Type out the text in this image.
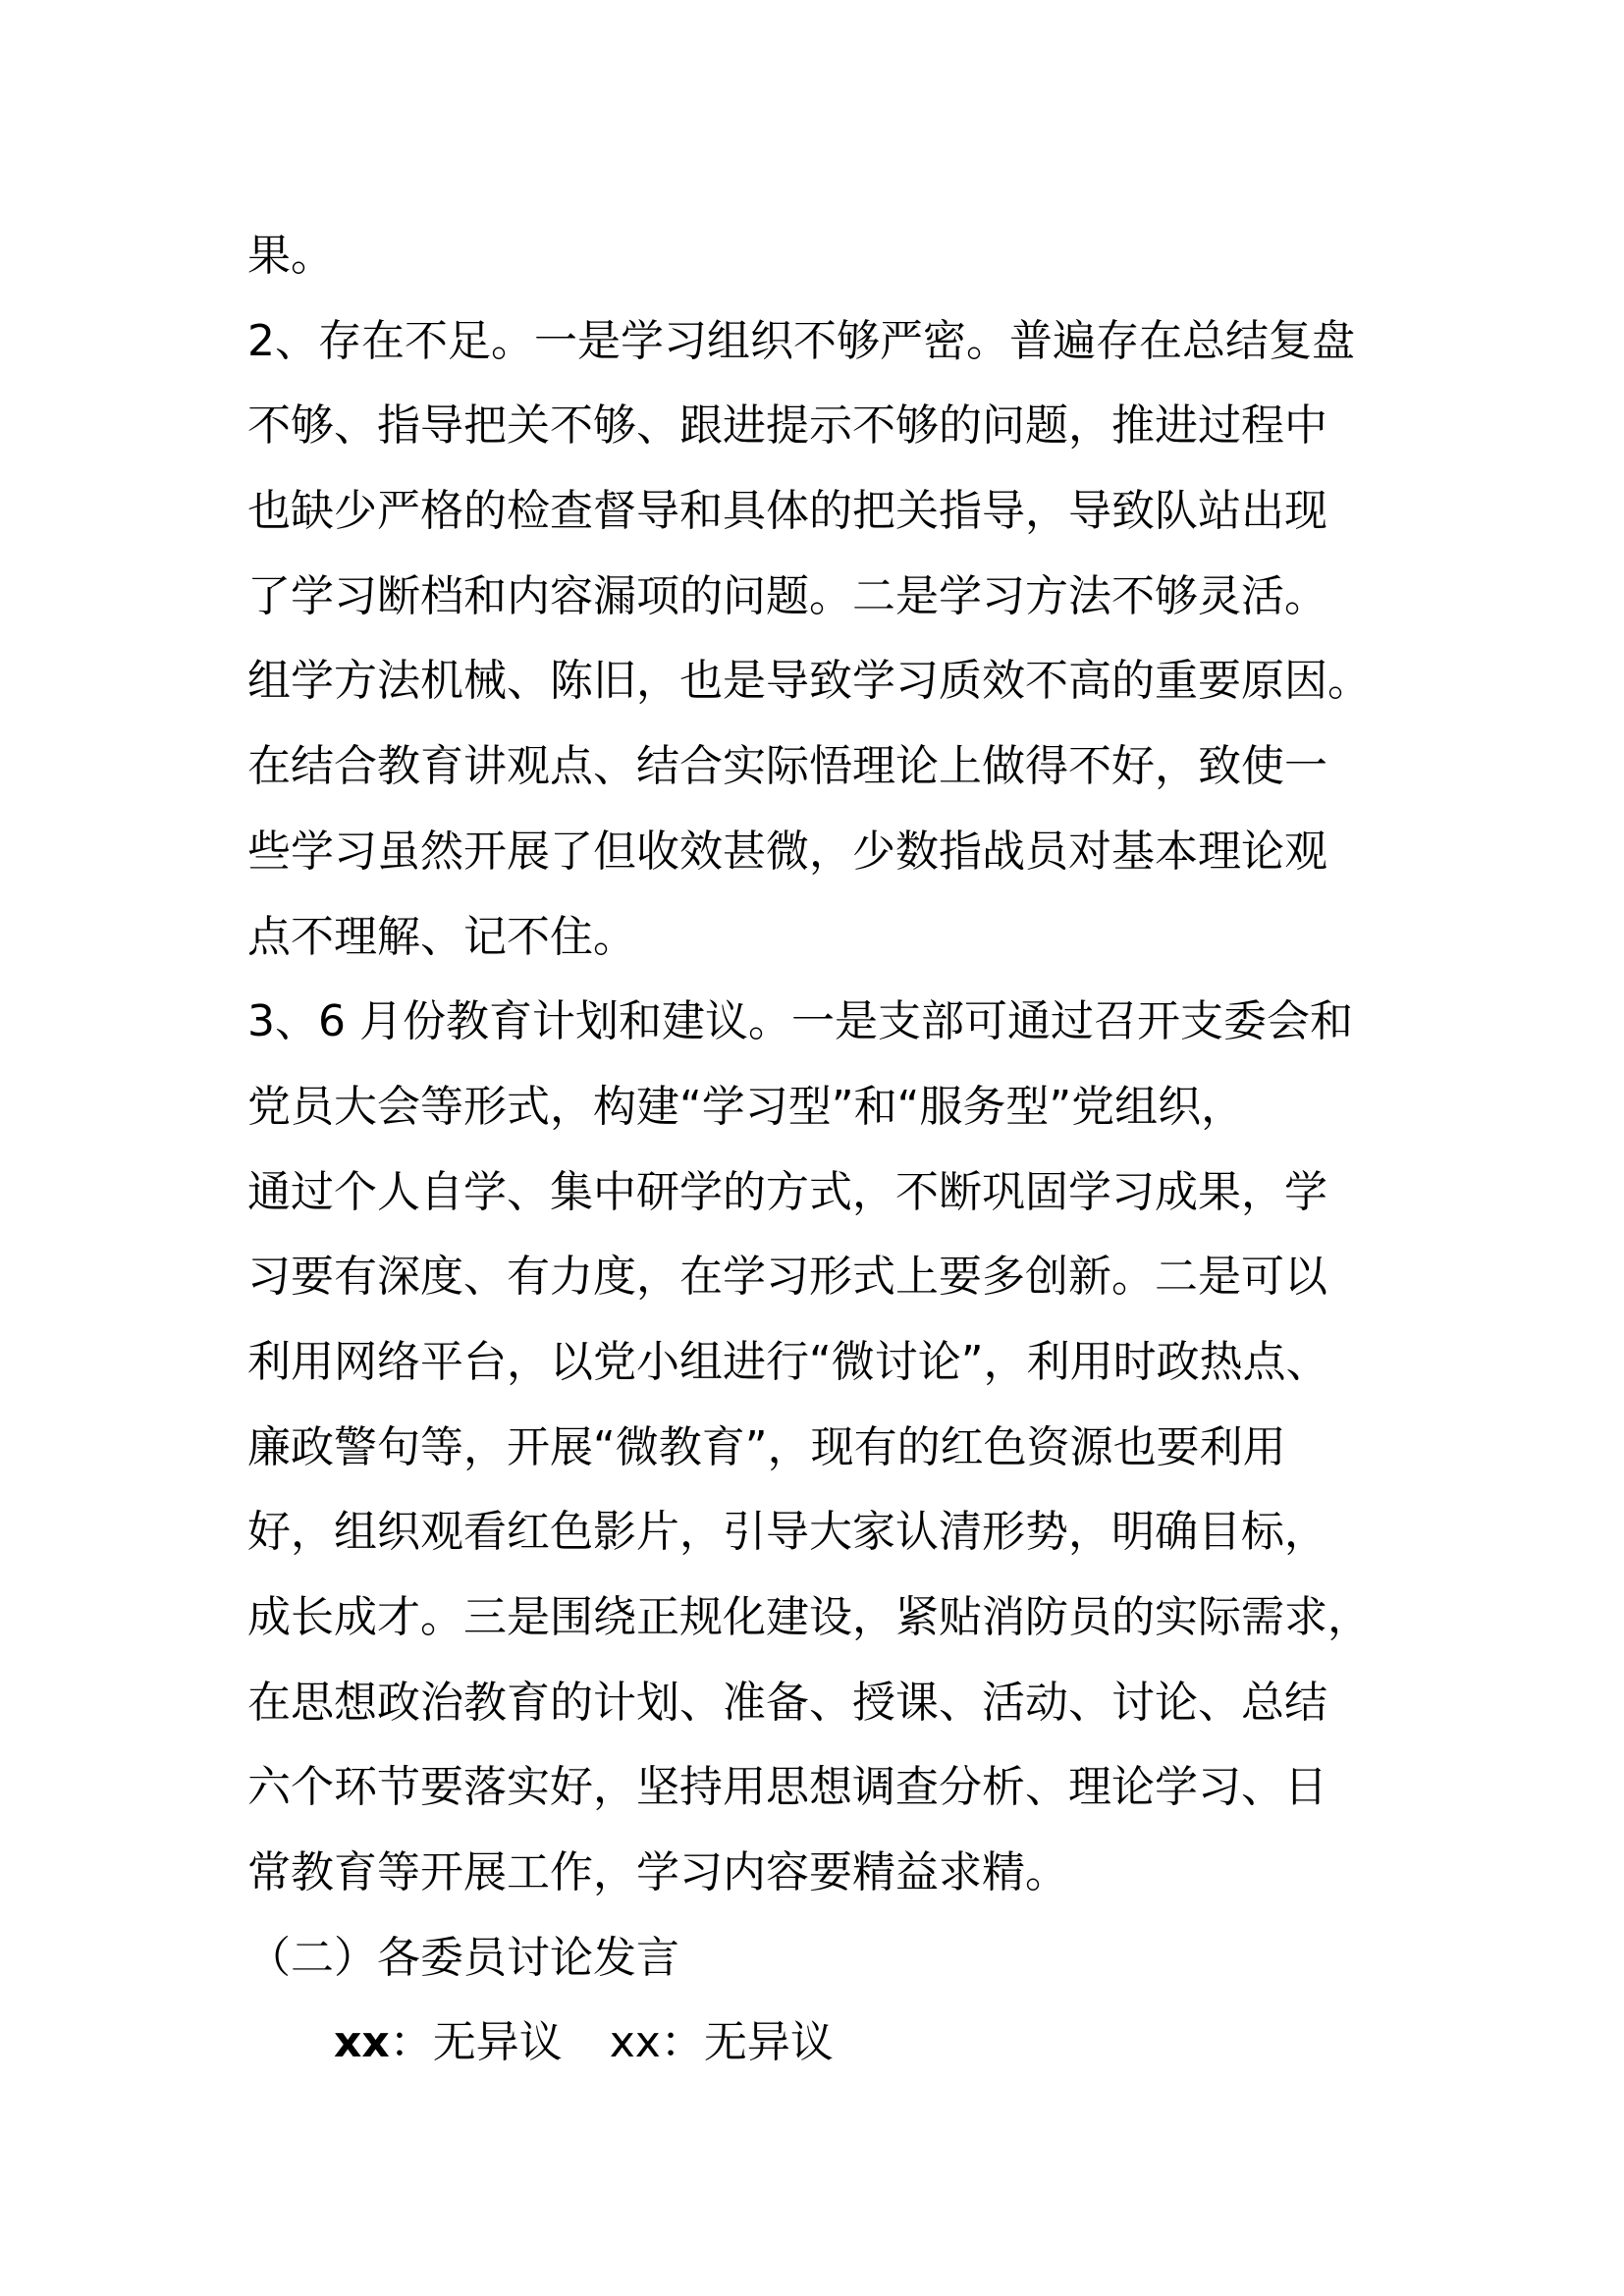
果。
2、存在不足。一是学习组织不够严密。普遍存在总结复盘
不够、指导把关不够、跟进提示不够的问题，推进过程中
也缺少严格的检查督导和具体的把关指导，导致队站出现
了学习断档和内容漏项的问题。二是学习方法不够灵活。
组学方法机械、陈旧，也是导致学习质效不高的重要原因。
在结合教育讲观点、结合实际悟理论上做得不好，致使一
些学习虽然开展了但收效甚微，少数指战员对基本理论观
点不理解、记不住。
3、6 月份教育计划和建议。一是支部可通过召开支委会和
党员大会等形式，构建“学习型”和“服务型”党组织，
通过个人自学、集中研学的方式，不断巩固学习成果，学
习要有深度、有力度，在学习形式上要多创新。二是可以
利用网络平台，以党小组进行“微讨论”，利用时政热点、
廉政警句等，开展“微教育”，现有的红色资源也要利用
好，组织观看红色影片，引导大家认清形势，明确目标，
成长成才。三是围绕正规化建设，紧贴消防员的实际需求，
在思想政治教育的计划、准备、授课、活动、讨论、总结
六个环节要落实好，坚持用思想调查分析、理论学习、日
常教育等开展工作，学习内容要精益求精。
（二）各委员讨论发言
xx：无异议 xx：无异议
